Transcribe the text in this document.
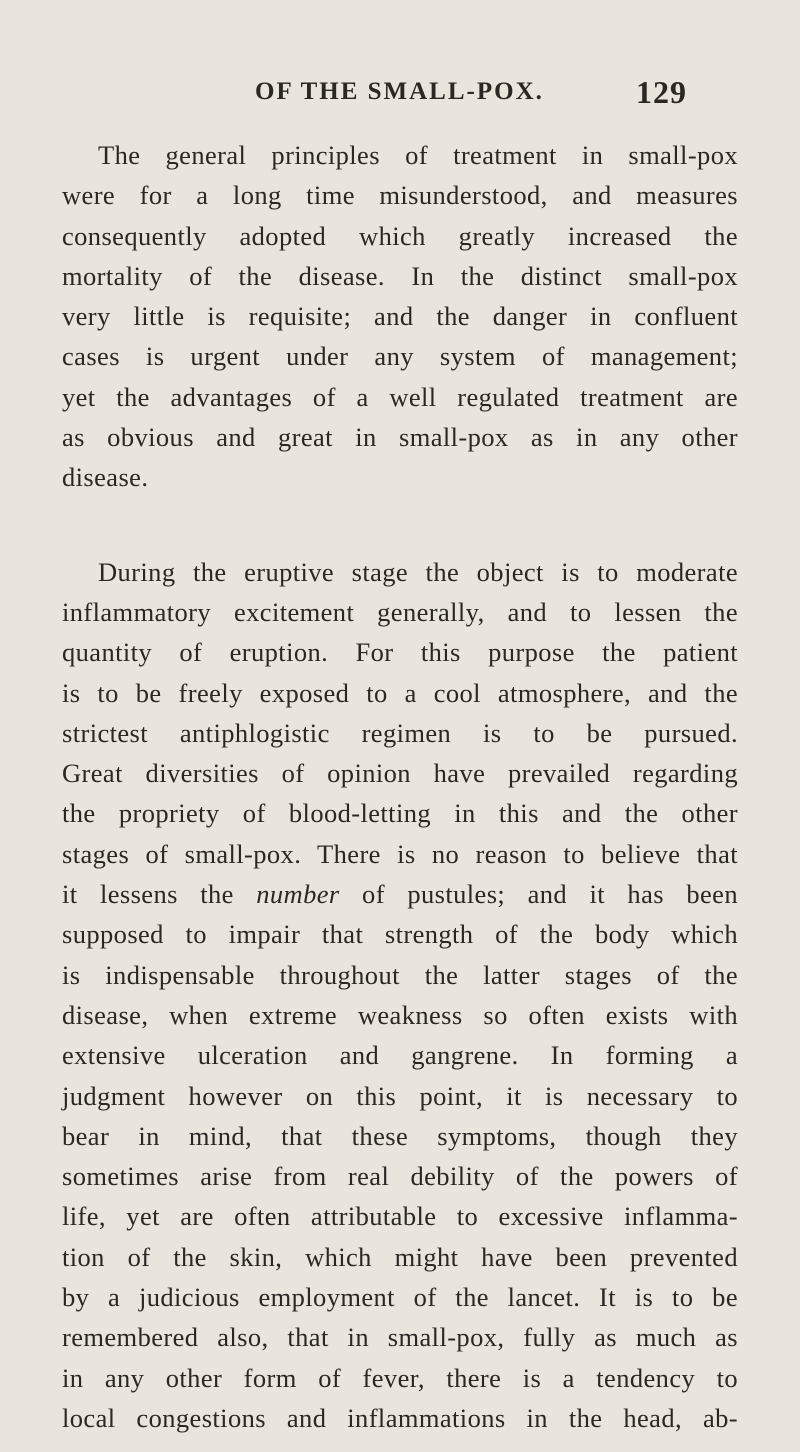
OF THE SMALL-POX.	129

The general principles of treatment in small-pox
were for a long time misunderstood, and measures
consequently adopted which greatly increased the
mortality of the disease. In the distinct small-pox
very little is requisite; and the danger in confluent
cases is urgent under any system of management;
yet the advantages of a well regulated treatment are
as obvious and great in small-pox as in any other
disease.

During the eruptive stage the object is to moderate
inflammatory excitement generally, and to lessen the
quantity of eruption. For this purpose the patient
is to be freely exposed to a cool atmosphere, and the
strictest antiphlogistic regimen is to be pursued.
Great diversities of opinion have prevailed regarding
the propriety of blood-letting in this and the other
stages of small-pox. There is no reason to believe that
it lessens the number of pustules; and it has been
supposed to impair that strength of the body which
is indispensable throughout the latter stages of the
disease, when extreme weakness so often exists with
extensive ulceration and gangrene. In forming a
judgment however on this point, it is necessary to
bear in mind, that these symptoms, though they
sometimes arise from real debility of the powers of
life, yet are often attributable to excessive inflamma-
tion of the skin, which might have been prevented
by a judicious employment of the lancet. It is to be
remembered also, that in small-pox, fully as much as
in any other form of fever, there is a tendency to
local congestions and inflammations in the head, ab-
